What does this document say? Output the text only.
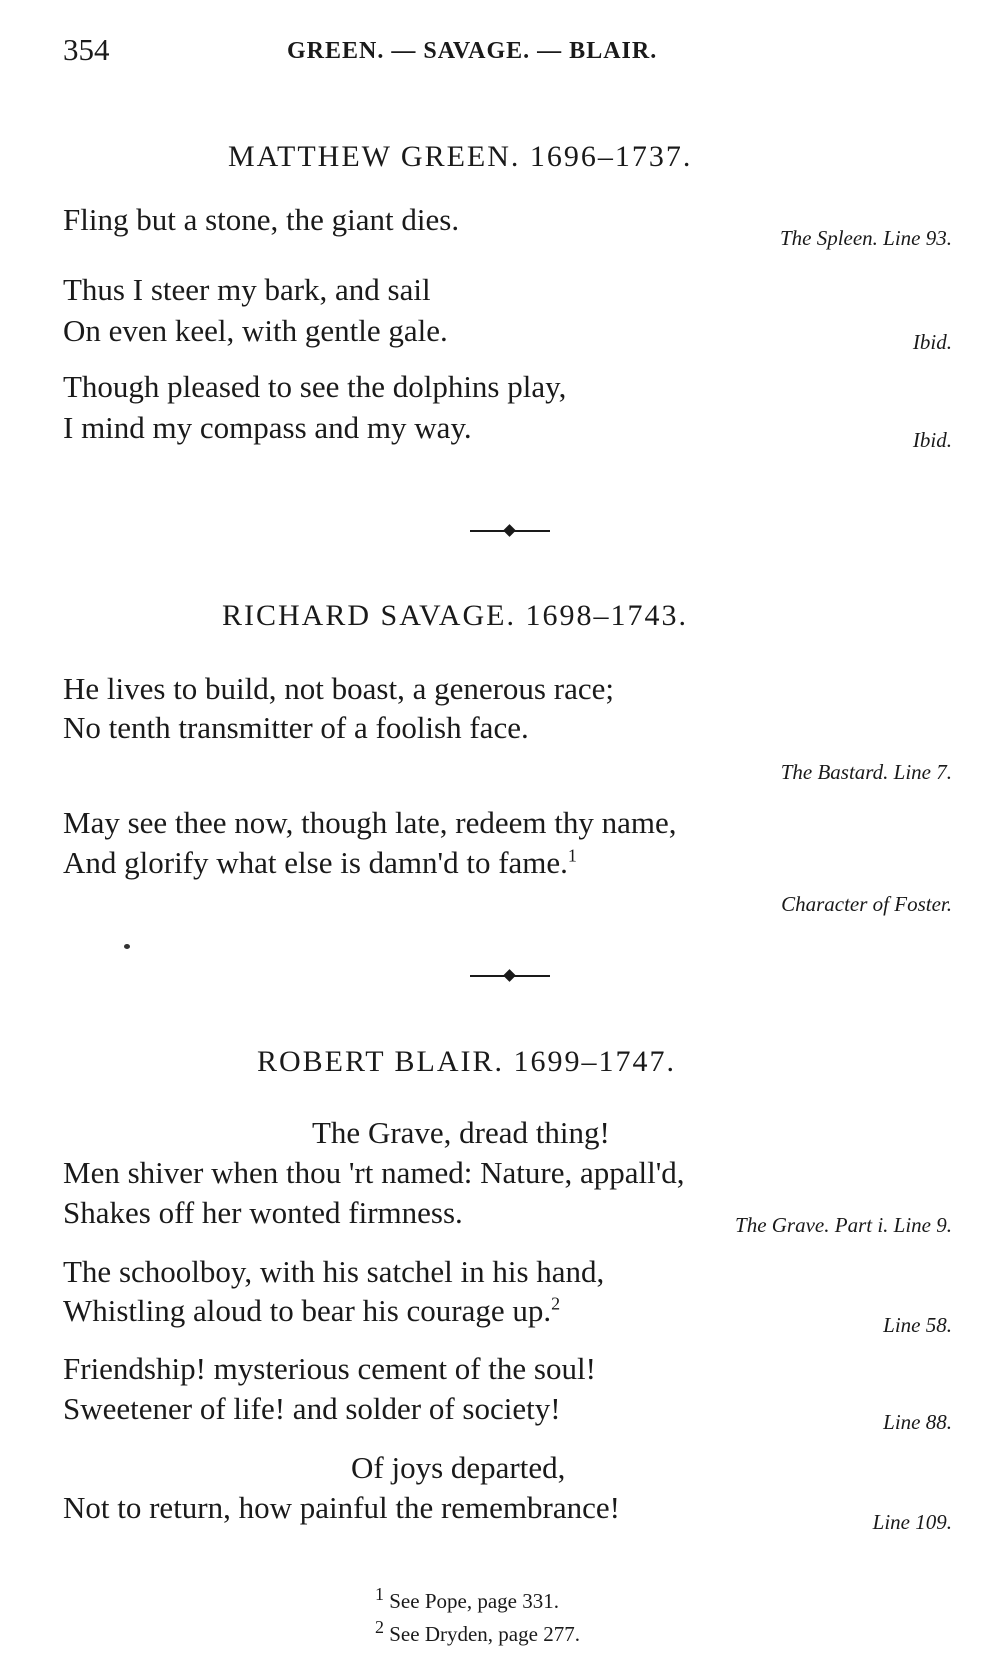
354	GREEN. — SAVAGE. — BLAIR.
MATTHEW GREEN. 1696–1737.
Fling but a stone, the giant dies.
The Spleen. Line 93.
Thus I steer my bark, and sail
On even keel, with gentle gale.	Ibid.
Though pleased to see the dolphins play,
I mind my compass and my way.	Ibid.
RICHARD SAVAGE. 1698–1743.
He lives to build, not boast, a generous race;
No tenth transmitter of a foolish face.
The Bastard. Line 7.
May see thee now, though late, redeem thy name,
And glorify what else is damn'd to fame.$^1$
Character of Foster.
ROBERT BLAIR. 1699–1747.
The Grave, dread thing!
Men shiver when thou 'rt named: Nature, appall'd,
Shakes off her wonted firmness.	The Grave. Part i. Line 9.
The schoolboy, with his satchel in his hand,
Whistling aloud to bear his courage up.$^2$
Line 58.
Friendship! mysterious cement of the soul!
Sweetener of life! and solder of society!	Line 88.
Of joys departed,
Not to return, how painful the remembrance!	Line 109.
$^1$ See Pope, page 331.
$^2$ See Dryden, page 277.
